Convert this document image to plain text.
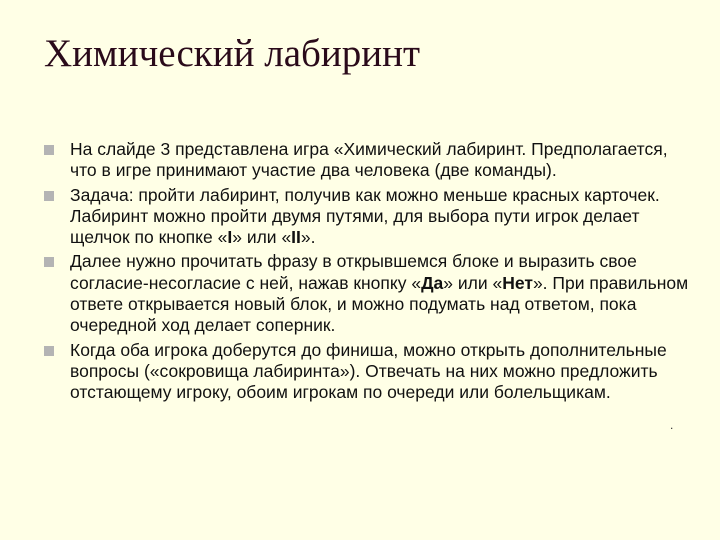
Химический лабиринт
На слайде 3 представлена игра «Химический лабиринт. Предполагается, что в игре принимают участие два человека (две команды).
Задача: пройти лабиринт, получив как можно меньше красных карточек. Лабиринт можно пройти двумя путями, для выбора пути игрок делает щелчок по кнопке «I» или «II».
Далее нужно прочитать фразу в открывшемся блоке и выразить свое согласие-несогласие с ней, нажав кнопку «Да» или «Нет». При правильном ответе открывается новый блок, и можно подумать над ответом, пока очередной ход делает соперник.
Когда оба игрока доберутся до финиша, можно открыть дополнительные вопросы («сокровища лабиринта»). Отвечать на них можно предложить отстающему игроку, обоим игрокам по очереди или болельщикам.
.
